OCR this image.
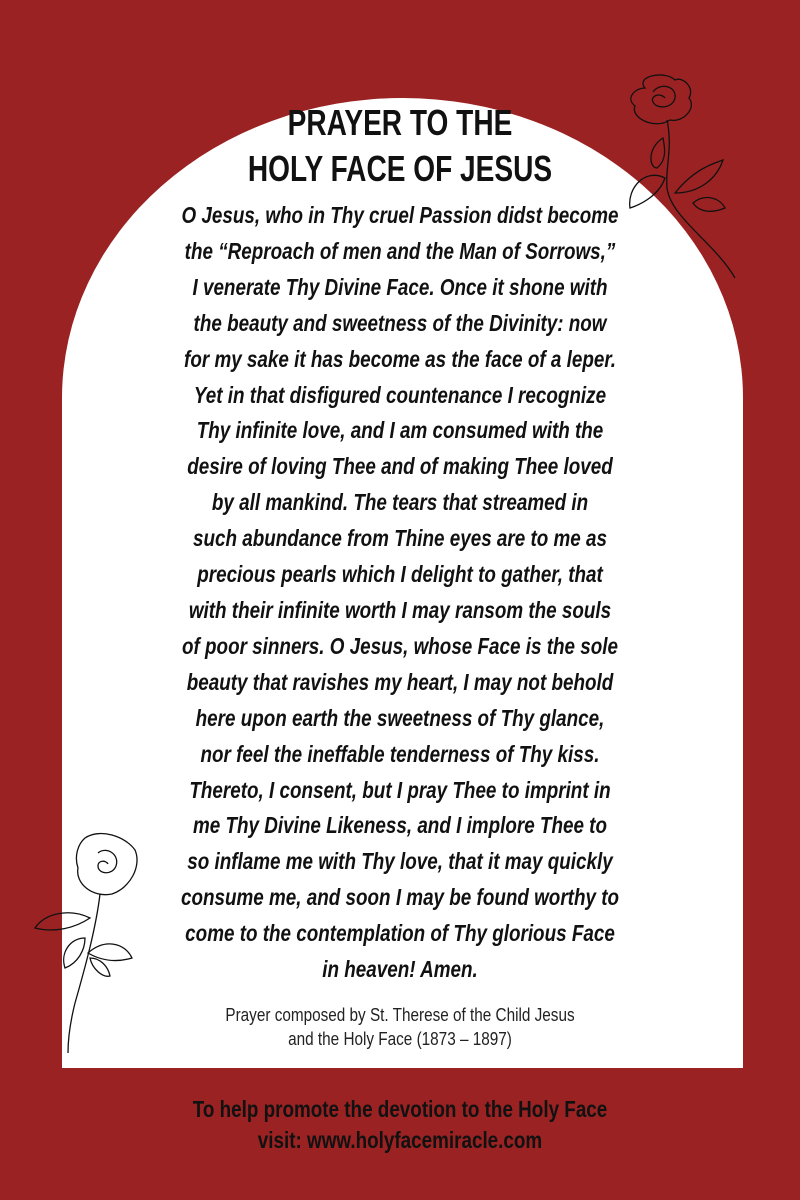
PRAYER TO THE
HOLY FACE OF JESUS
O Jesus, who in Thy cruel Passion didst become
the “Reproach of men and the Man of Sorrows,”
I venerate Thy Divine Face. Once it shone with
the beauty and sweetness of the Divinity: now
for my sake it has become as the face of a leper.
Yet in that disfigured countenance I recognize
Thy infinite love, and I am consumed with the
desire of loving Thee and of making Thee loved
by all mankind. The tears that streamed in
such abundance from Thine eyes are to me as
precious pearls which I delight to gather, that
with their infinite worth I may ransom the souls
of poor sinners. O Jesus, whose Face is the sole
beauty that ravishes my heart, I may not behold
here upon earth the sweetness of Thy glance,
nor feel the ineffable tenderness of Thy kiss.
Thereto, I consent, but I pray Thee to imprint in
me Thy Divine Likeness, and I implore Thee to
so inflame me with Thy love, that it may quickly
consume me, and soon I may be found worthy to
come to the contemplation of Thy glorious Face
in heaven! Amen.
Prayer composed by St. Therese of the Child Jesus
and the Holy Face (1873 – 1897)
To help promote the devotion to the Holy Face
visit: www.holyfacemiracle.com
